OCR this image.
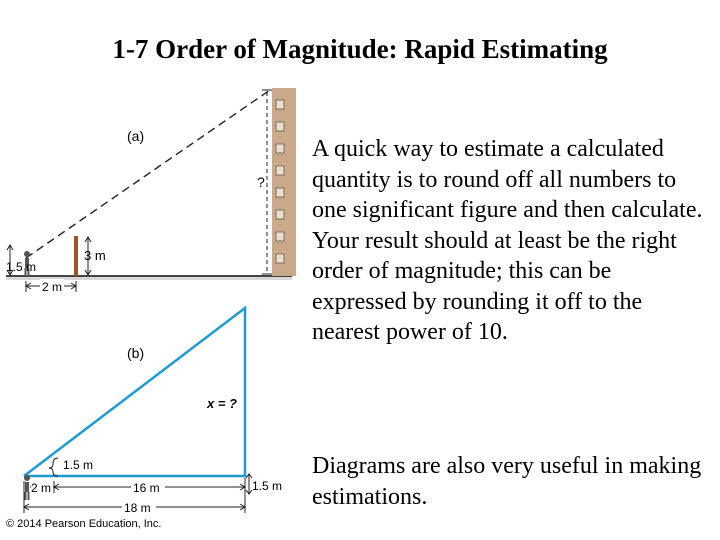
1-7 Order of Magnitude: Rapid Estimating
(a)
?
3 m
1.5 m
2 m
(b)
x = ?
1.5 m
2 m	16 m	1.5 m
18 m
A quick way to estimate a calculated quantity is to round off all numbers to one significant figure and then calculate. Your result should at least be the right order of magnitude; this can be expressed by rounding it off to the nearest power of 10.
Diagrams are also very useful in making estimations.
© 2014 Pearson Education, Inc.
